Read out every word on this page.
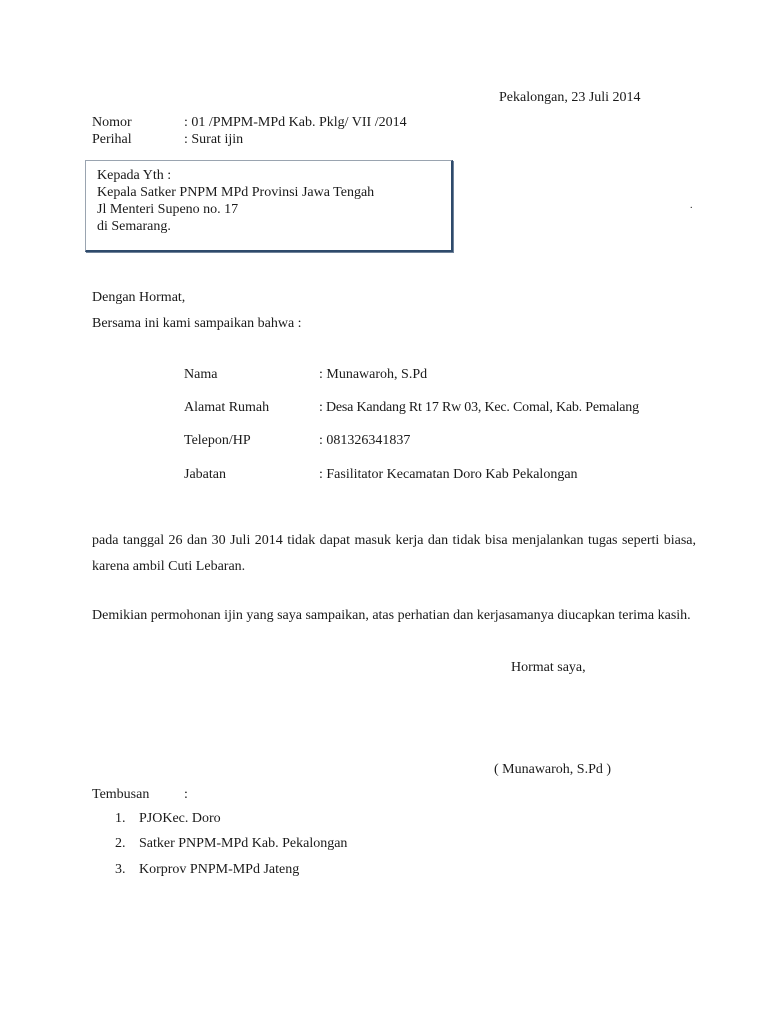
Pekalongan, 23 Juli 2014
Nomor	: 01 /PMPM-MPd Kab. Pklg/ VII /2014
Perihal	: Surat ijin
Kepada Yth :
Kepala Satker PNPM MPd Provinsi Jawa Tengah
Jl Menteri Supeno no. 17
di Semarang.
.
Dengan Hormat,
Bersama ini kami sampaikan bahwa :
Nama	: Munawaroh, S.Pd
Alamat Rumah	: Desa Kandang Rt 17 Rw 03, Kec. Comal, Kab. Pemalang
Telepon/HP	: 081326341837
Jabatan	: Fasilitator Kecamatan Doro Kab Pekalongan
pada tanggal 26 dan 30 Juli 2014 tidak dapat masuk kerja dan tidak bisa menjalankan tugas seperti biasa, karena ambil Cuti Lebaran.
Demikian permohonan ijin yang saya sampaikan, atas perhatian dan kerjasamanya diucapkan terima kasih.
Hormat saya,
( Munawaroh, S.Pd )
Tembusan :
1. PJOKec. Doro
2. Satker PNPM-MPd Kab. Pekalongan
3. Korprov PNPM-MPd Jateng
